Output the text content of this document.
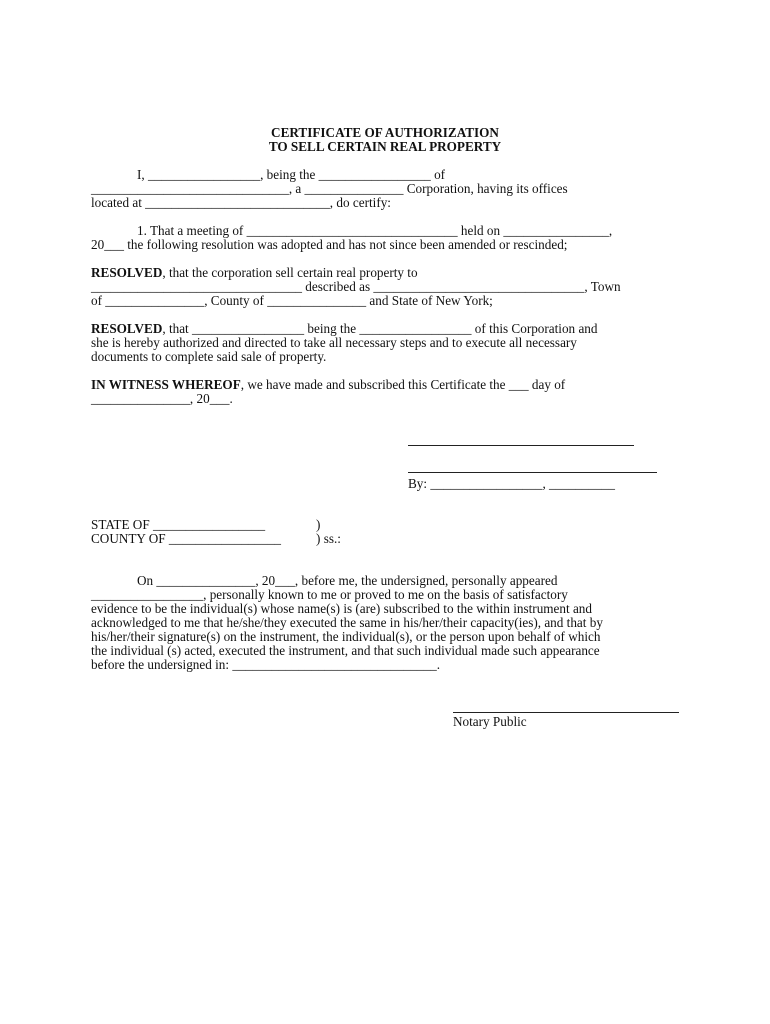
CERTIFICATE OF AUTHORIZATION
TO SELL CERTAIN REAL PROPERTY
I, _________________, being the _________________ of
______________________________, a _______________ Corporation, having its offices
located at ____________________________, do certify:
1. That a meeting of ________________________________ held on ________________,
20___ the following resolution was adopted and has not since been amended or rescinded;
RESOLVED, that the corporation sell certain real property to
________________________________ described as ________________________________, Town
of _______________, County of _______________ and State of New York;
RESOLVED, that _________________ being the _________________ of this Corporation and
she is hereby authorized and directed to take all necessary steps and to execute all necessary
documents to complete said sale of property.
IN WITNESS WHEREOF, we have made and subscribed this Certificate the ___ day of
_______________, 20___.
By: _________________, __________
STATE OF _________________	)
COUNTY OF _________________	) ss.:
On _______________, 20___, before me, the undersigned, personally appeared
_________________, personally known to me or proved to me on the basis of satisfactory
evidence to be the individual(s) whose name(s) is (are) subscribed to the within instrument and
acknowledged to me that he/she/they executed the same in his/her/their capacity(ies), and that by
his/her/their signature(s) on the instrument, the individual(s), or the person upon behalf of which
the individual (s) acted, executed the instrument, and that such individual made such appearance
before the undersigned in: _______________________________.
Notary Public
